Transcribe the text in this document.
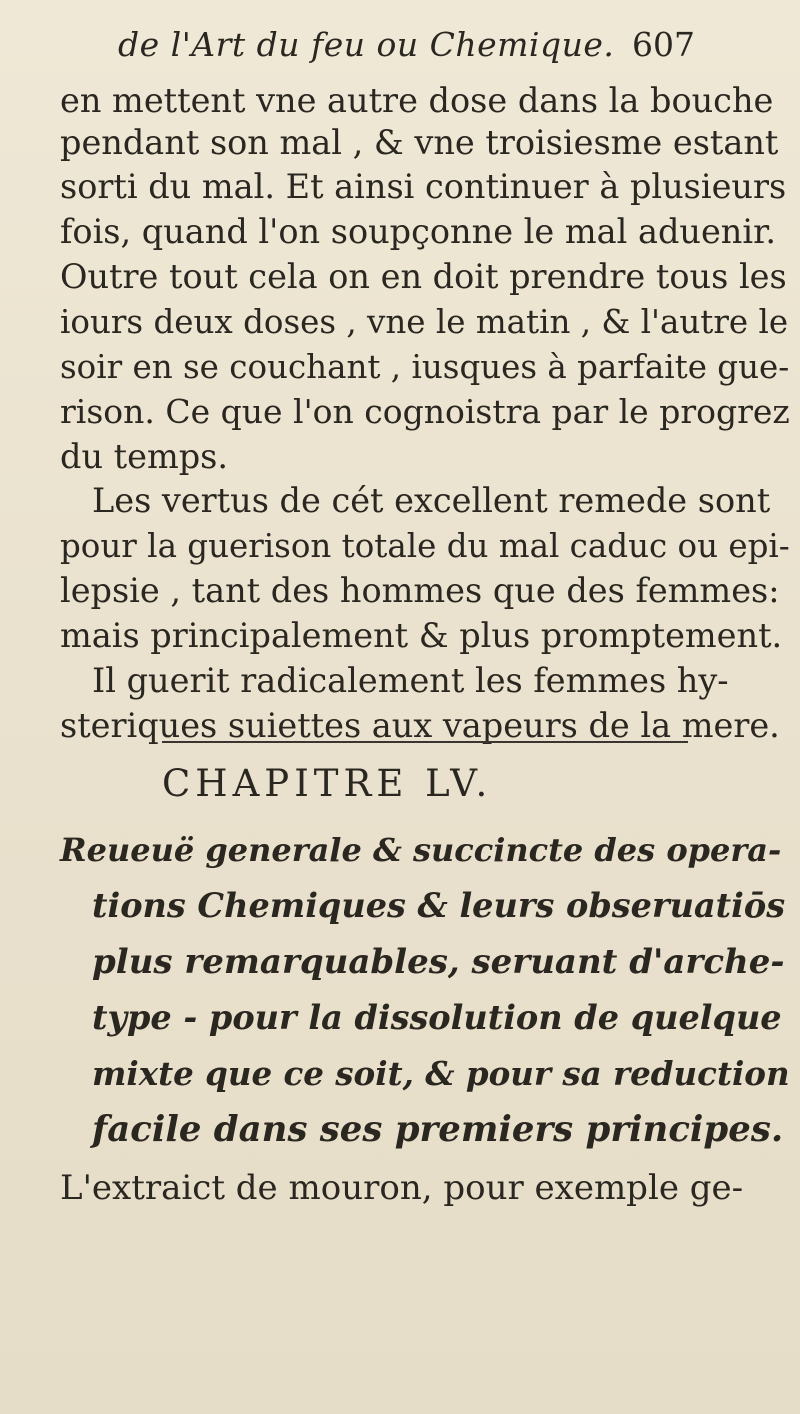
de l'Art du feu ou Chemique. 607
en mettent vne autre dose dans la bouche
pendant son mal , & vne troisiesme estant
sorti du mal. Et ainsi continuer à plusieurs
fois, quand l'on soupçonne le mal aduenir.
Outre tout cela on en doit prendre tous les
iours deux doses , vne le matin , & l'autre le
soir en se couchant , iusques à parfaite gue-
rison. Ce que l'on cognoistra par le progrez
du temps.
Les vertus de cét excellent remede sont
pour la guerison totale du mal caduc ou epi-
lepsie , tant des hommes que des femmes:
mais principalement & plus promptement.
Il guerit radicalement les femmes hy-
steriques suiettes aux vapeurs de la mere.
CHAPITRE LV.
Reueuë generale & succincte des opera-
tions Chemiques & leurs obseruatiōs
plus remarquables, seruant d'arche-
type - pour la dissolution de quelque
mixte que ce soit, & pour sa reduction
facile dans ses premiers principes.
L'extraict de mouron, pour exemple ge-
